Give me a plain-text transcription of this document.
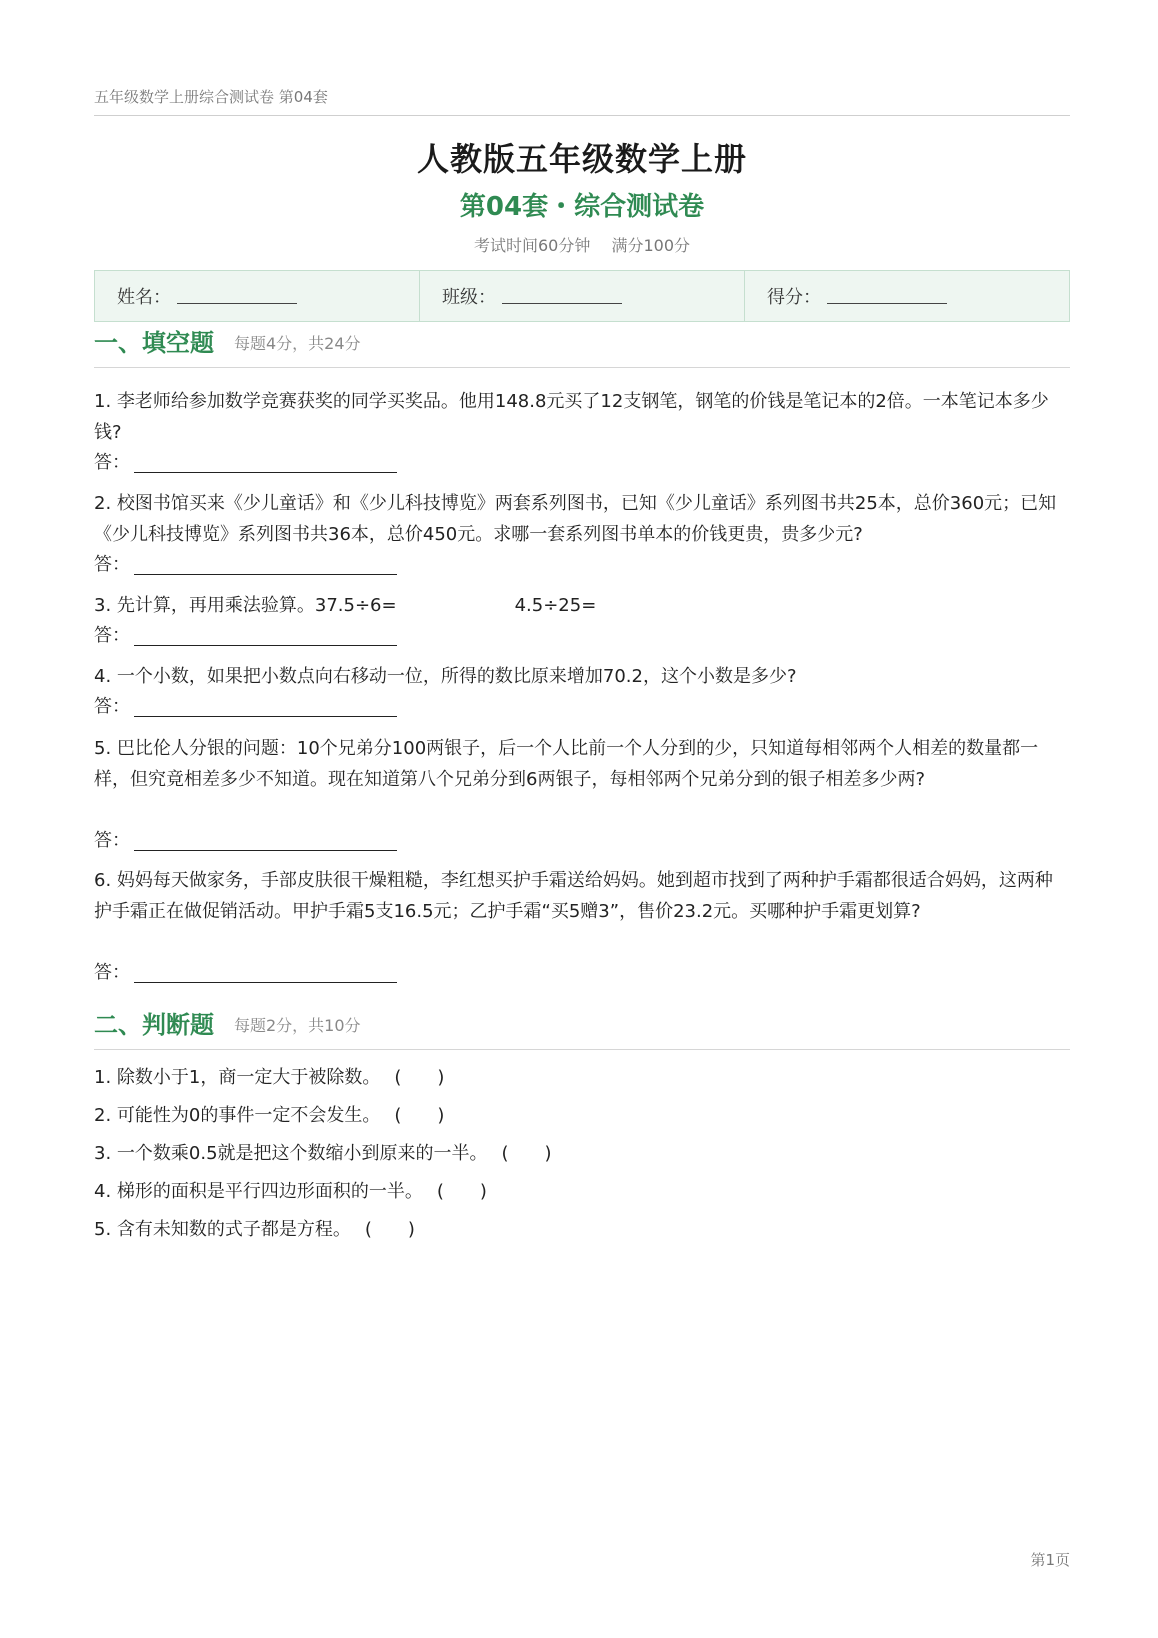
五年级数学上册综合测试卷 第04套
人教版五年级数学上册
第04套・综合测试卷
考试时间60分钟 满分100分
姓名：	班级：	得分：
一、填空题 每题4分，共24分
1. 李老师给参加数学竞赛获奖的同学买奖品。他用148.8元买了12支钢笔，钢笔的价钱是笔记本的2倍。一本笔记本多少钱?
答：
2. 校图书馆买来《少儿童话》和《少儿科技博览》两套系列图书，已知《少儿童话》系列图书共25本，总价360元；已知《少儿科技博览》系列图书共36本，总价450元。求哪一套系列图书单本的价钱更贵，贵多少元?
答：
3. 先计算，再用乘法验算。37.5÷6=	4.5÷25=
答：
4. 一个小数，如果把小数点向右移动一位，所得的数比原来增加70.2，这个小数是多少?
答：
5. 巴比伦人分银的问题：10个兄弟分100两银子，后一个人比前一个人分到的少，只知道每相邻两个人相差的数量都一样，但究竟相差多少不知道。现在知道第八个兄弟分到6两银子，每相邻两个兄弟分到的银子相差多少两?
答：
6. 妈妈每天做家务，手部皮肤很干燥粗糙，李红想买护手霜送给妈妈。她到超市找到了两种护手霜都很适合妈妈，这两种护手霜正在做促销活动。甲护手霜5支16.5元；乙护手霜“买5赠3”，售价23.2元。买哪种护手霜更划算?
答：
二、判断题 每题2分，共10分
1. 除数小于1，商一定大于被除数。 (　　)
2. 可能性为0的事件一定不会发生。 (　　)
3. 一个数乘0.5就是把这个数缩小到原来的一半。 (　　)
4. 梯形的面积是平行四边形面积的一半。 (　　)
5. 含有未知数的式子都是方程。 (　　)
第1页
